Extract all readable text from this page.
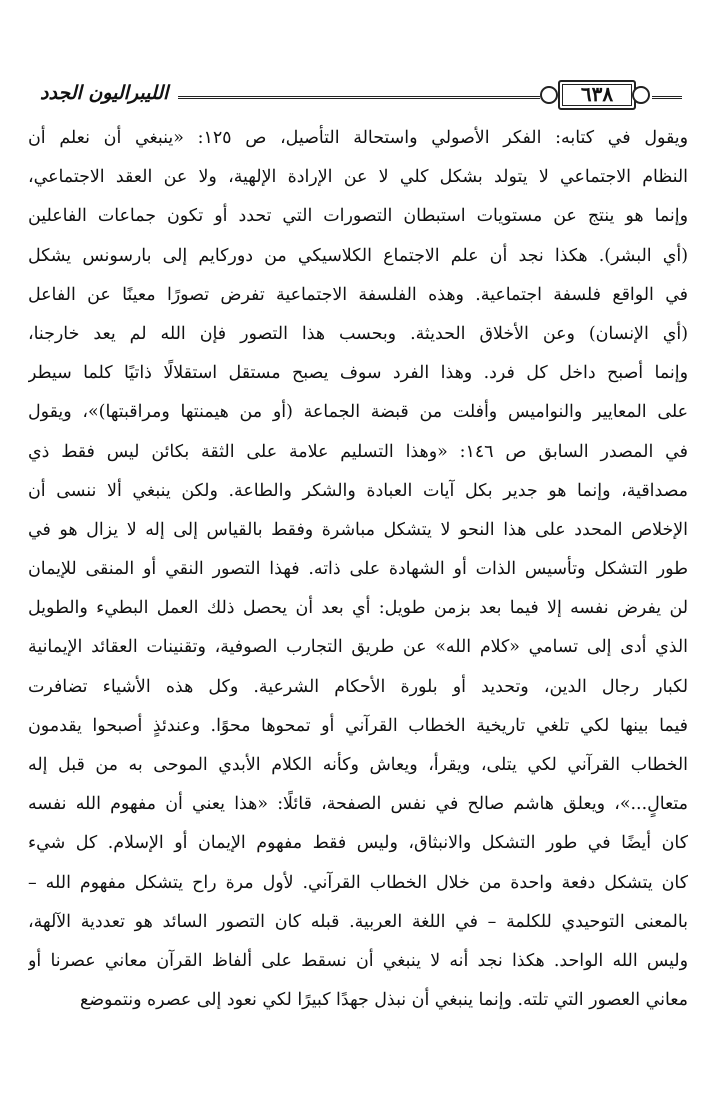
الليبراليون الجدد	٦٣٨
ويقول في كتابه: الفكر الأصولي واستحالة التأصيل، ص ١٢٥: «ينبغي أن نعلم أن
النظام الاجتماعي لا يتولد بشكل كلي لا عن الإرادة الإلهية، ولا عن العقد الاجتماعي،
وإنما هو ينتج عن مستويات استبطان التصورات التي تحدد أو تكون جماعات الفاعلين
(أي البشر). هكذا نجد أن علم الاجتماع الكلاسيكي من دوركايم إلى بارسونس يشكل
في الواقع فلسفة اجتماعية. وهذه الفلسفة الاجتماعية تفرض تصورًا معينًا عن الفاعل
(أي الإنسان) وعن الأخلاق الحديثة. وبحسب هذا التصور فإن الله لم يعد خارجنا،
وإنما أصبح داخل كل فرد. وهذا الفرد سوف يصبح مستقل استقلالًا ذاتيًا كلما سيطر
على المعايير والنواميس وأفلت من قبضة الجماعة (أو من هيمنتها ومراقبتها)»، ويقول
في المصدر السابق ص ١٤٦: «وهذا التسليم علامة على الثقة بكائن ليس فقط ذي
مصداقية، وإنما هو جدير بكل آيات العبادة والشكر والطاعة. ولكن ينبغي ألا ننسى أن
الإخلاص المحدد على هذا النحو لا يتشكل مباشرة وفقط بالقياس إلى إله لا يزال هو في
طور التشكل وتأسيس الذات أو الشهادة على ذاته. فهذا التصور النقي أو المنقى للإيمان
لن يفرض نفسه إلا فيما بعد بزمن طويل: أي بعد أن يحصل ذلك العمل البطيء والطويل
الذي أدى إلى تسامي «كلام الله» عن طريق التجارب الصوفية، وتقنينات العقائد الإيمانية
لكبار رجال الدين، وتحديد أو بلورة الأحكام الشرعية. وكل هذه الأشياء تضافرت
فيما بينها لكي تلغي تاريخية الخطاب القرآني أو تمحوها محوًا. وعندئذٍ أصبحوا يقدمون
الخطاب القرآني لكي يتلى، ويقرأ، ويعاش وكأنه الكلام الأبدي الموحى به من قبل إله
متعالٍ...»، ويعلق هاشم صالح في نفس الصفحة، قائلًا: «هذا يعني أن مفهوم الله نفسه
كان أيضًا في طور التشكل والانبثاق، وليس فقط مفهوم الإيمان أو الإسلام. كل شيء
كان يتشكل دفعة واحدة من خلال الخطاب القرآني. لأول مرة راح يتشكل مفهوم الله –
بالمعنى التوحيدي للكلمة – في اللغة العربية. قبله كان التصور السائد هو تعددية الآلهة،
وليس الله الواحد. هكذا نجد أنه لا ينبغي أن نسقط على ألفاظ القرآن معاني عصرنا أو
معاني العصور التي تلته. وإنما ينبغي أن نبذل جهدًا كبيرًا لكي نعود إلى عصره ونتموضع
